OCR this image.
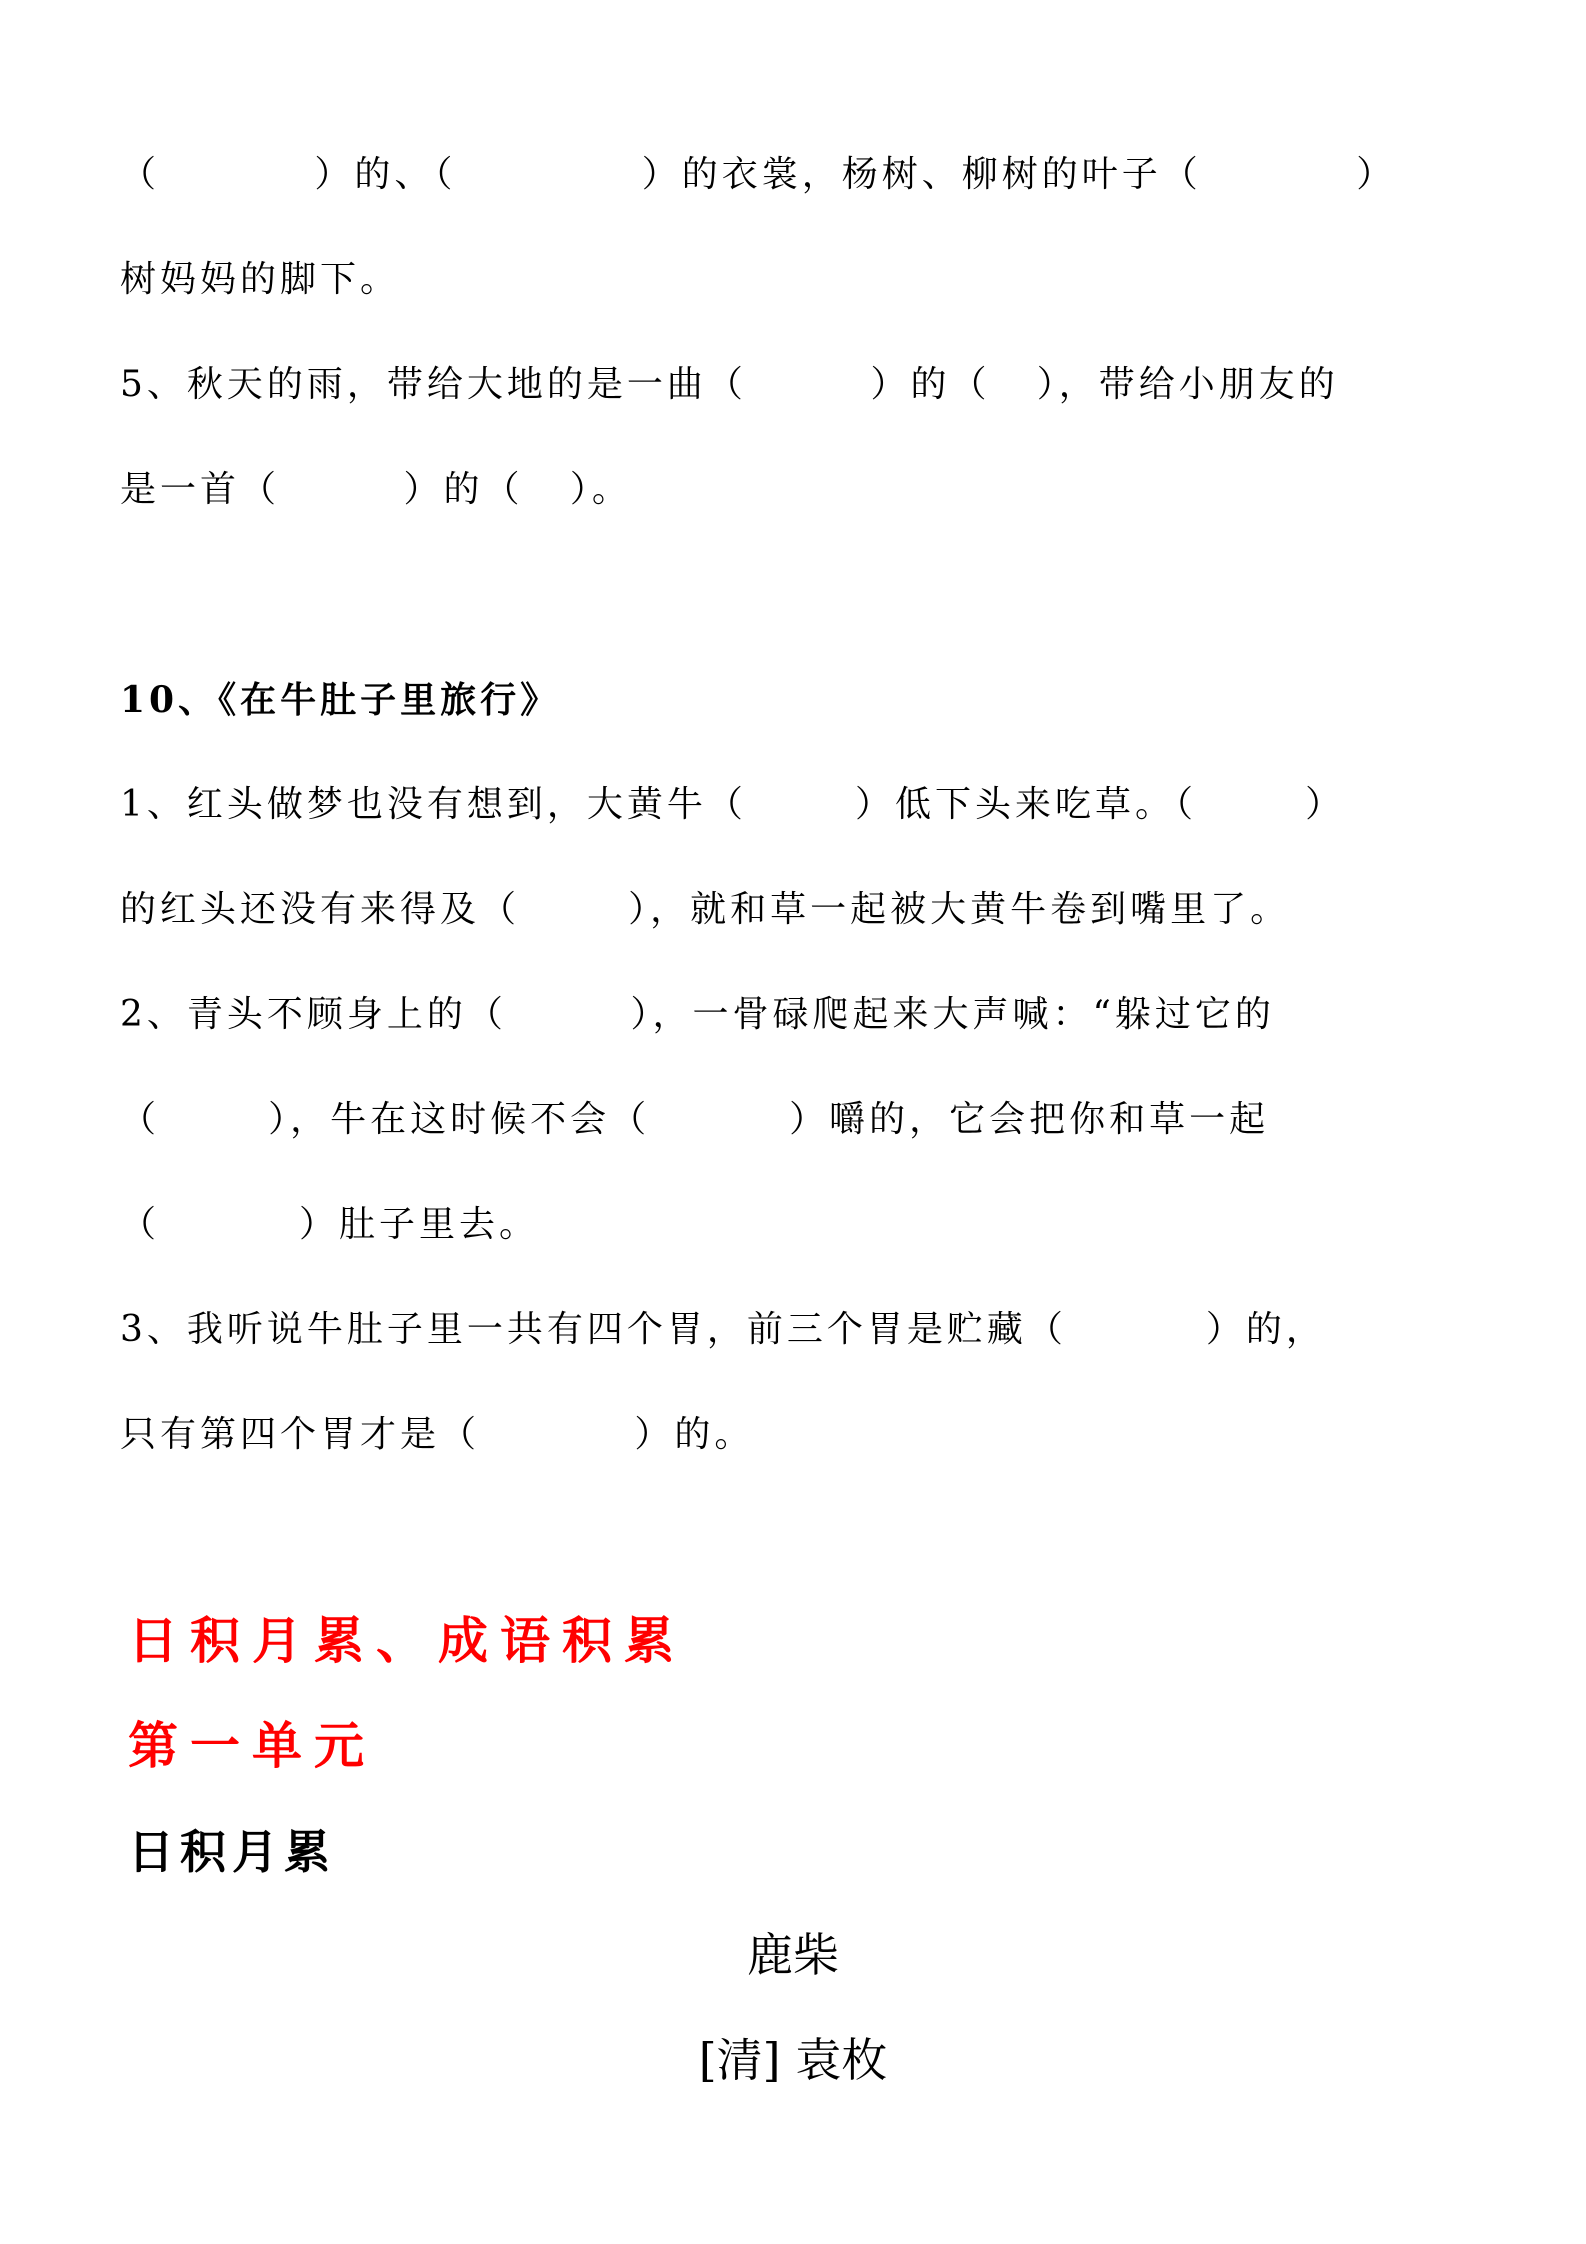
（          ）的、（            ）的衣裳，杨树、柳树的叶子（          ）
树妈妈的脚下。
5、秋天的雨，带给大地的是一曲（        ）的（   ），带给小朋友的
是一首（        ）的（   ）。
10、《在牛肚子里旅行》
1、红头做梦也没有想到，大黄牛（       ）低下头来吃草。（       ）
的红头还没有来得及（       ），就和草一起被大黄牛卷到嘴里了。
2、青头不顾身上的（        ），一骨碌爬起来大声喊：“躲过它的
（       ），牛在这时候不会（         ）嚼的，它会把你和草一起
（         ）肚子里去。
3、我听说牛肚子里一共有四个胃，前三个胃是贮藏（         ）的，
只有第四个胃才是（          ）的。
日积月累、成语积累
第一单元
日积月累
鹿柴
[清] 袁枚
